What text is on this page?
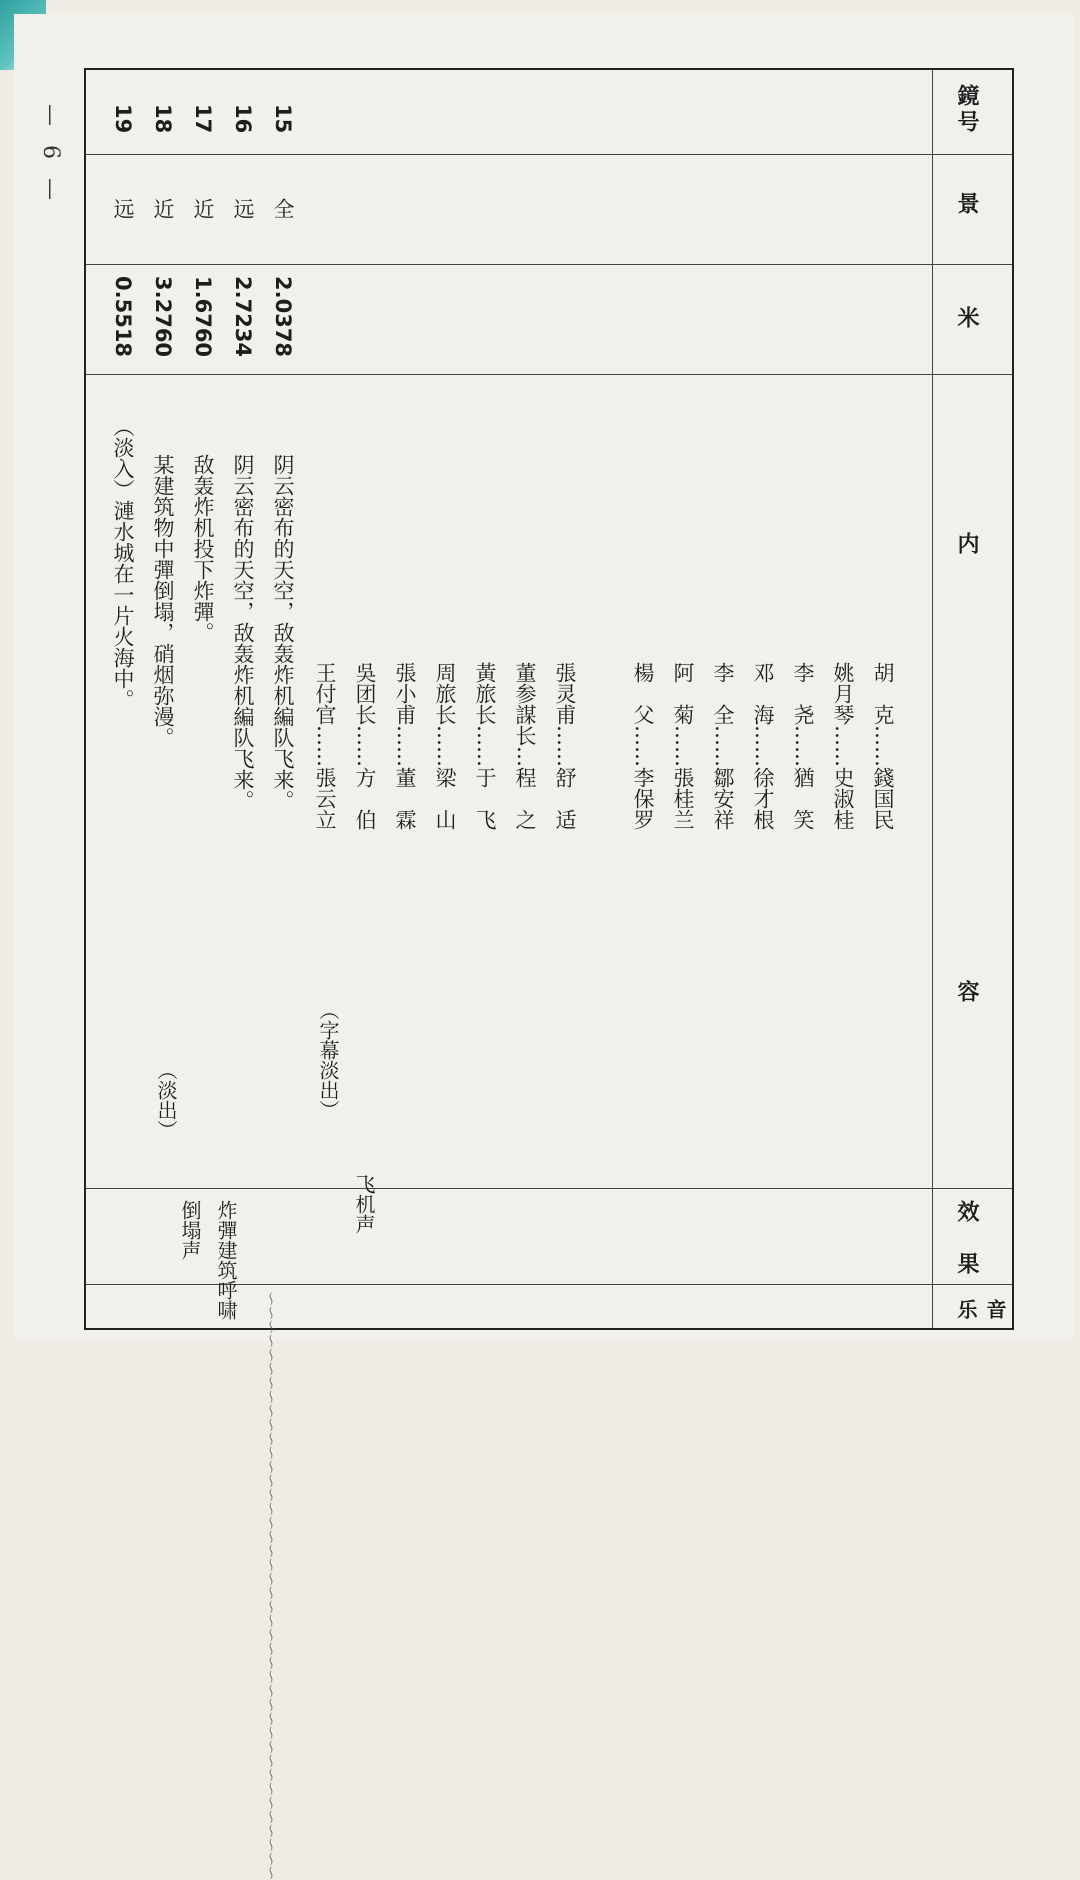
— 6 —	鏡号
景
米
内
容
效　果
音乐
15
16
17
18
19
全
远
近
近
远
2.0378
2.7234
1.6760
3.2760
0.5518
胡　克……錢国民
姚月琴……史淑桂
李　尧……猶　笑
邓　海……徐才根
李　全……鄒安祥
阿　菊……張桂兰
楊　父……李保罗
張灵甫……舒　适
董参謀长…程　之
黃旅长……于　飞
周旅长……梁　山
張小甫……董　霖
吳团长……方　伯
王付官……張云立
（字幕淡出）
阴云密布的天空，敌轰炸机編队飞来。
阴云密布的天空，敌轰炸机編队飞来。
敌轰炸机投下炸彈。
某建筑物中彈倒塌，硝烟弥漫。
（淡入）漣水城在一片火海中。
（淡出）
飞机声
炸彈建筑呼啸倒塌声
〜〜〜〜〜〜〜〜〜〜〜〜〜〜〜〜〜〜〜〜〜〜〜〜〜〜〜〜〜〜〜〜〜〜〜〜〜〜〜〜〜〜
